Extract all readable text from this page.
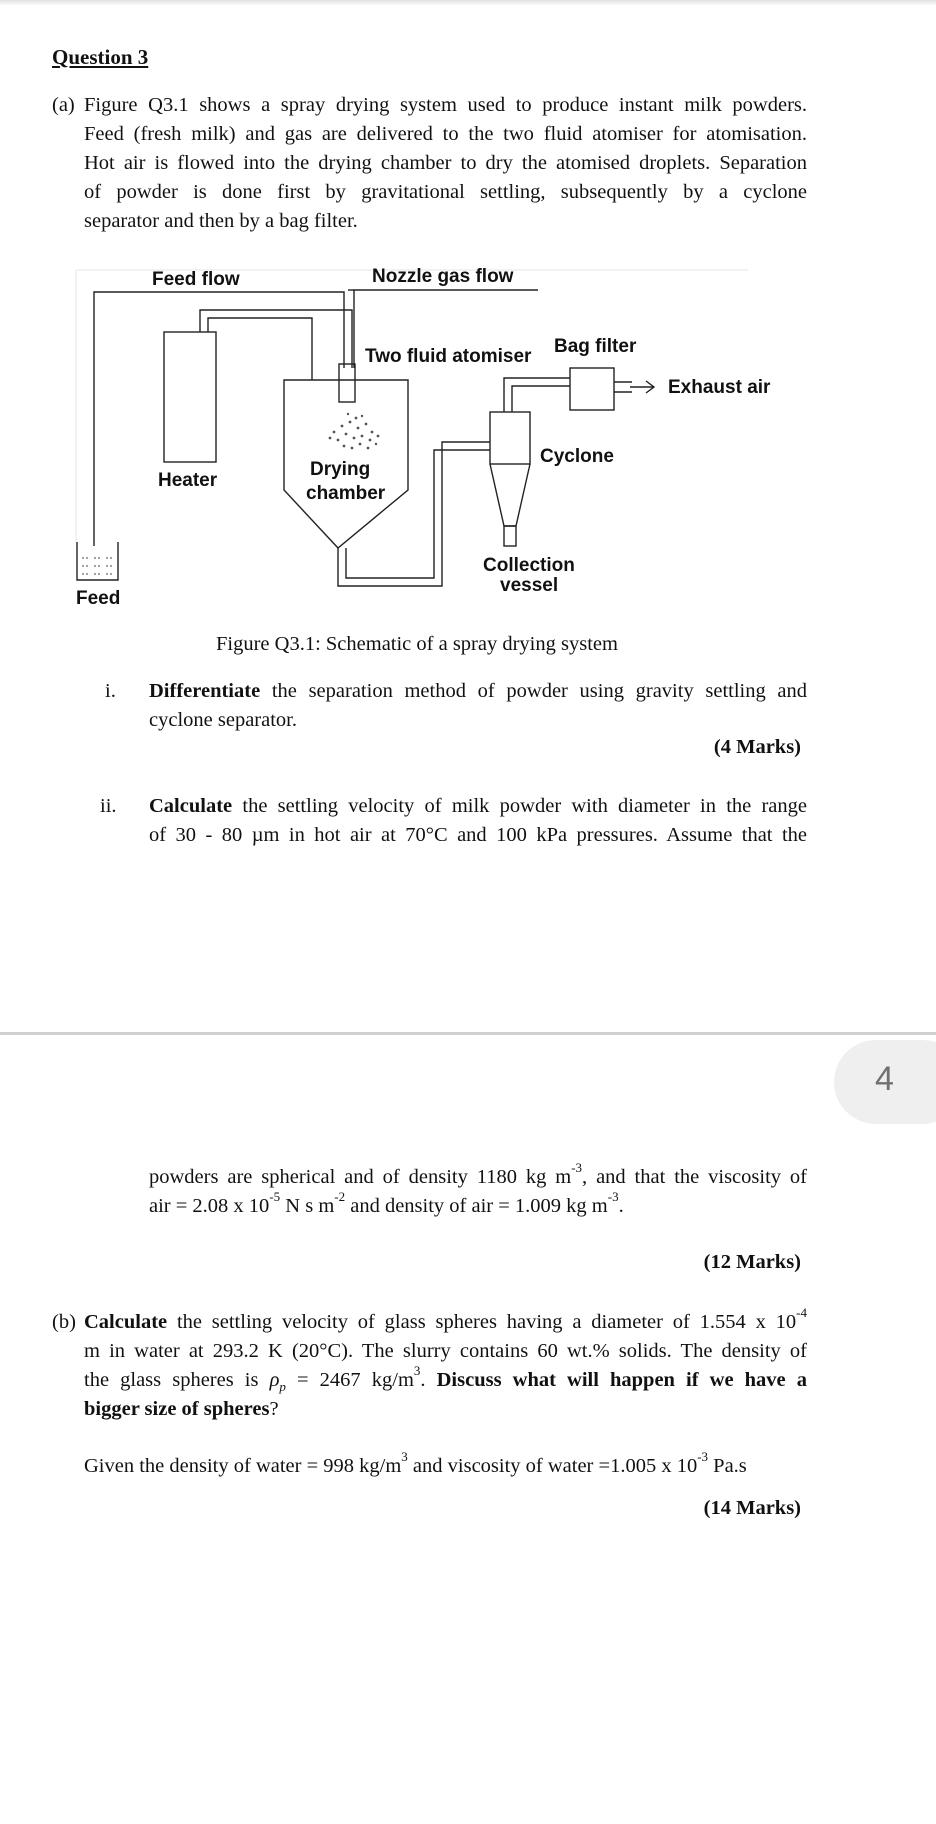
Question 3
(a) Figure Q3.1 shows a spray drying system used to produce instant milk powders.
Feed (fresh milk) and gas are delivered to the two fluid atomiser for atomisation.
Hot air is flowed into the drying chamber to dry the atomised droplets. Separation
of powder is done first by gravitational settling, subsequently by a cyclone
separator and then by a bag filter.
Feed flow	Nozzle gas flow
Two fluid atomiser Bag filter
Exhaust air
Cyclone
Heater
Drying
chamber
Collection
vessel
Feed
Figure Q3.1: Schematic of a spray drying system
i. Differentiate the separation method of powder using gravity settling and
cyclone separator.
(4 Marks)
ii. Calculate the settling velocity of milk powder with diameter in the range
of 30 - 80 µm in hot air at 70°C and 100 kPa pressures. Assume that the
4
powders are spherical and of density 1180 kg $m^{-3}$, and that the viscosity of
air = 2.08 x $10^{-5}$ N s $m^{-2}$ and density of air = 1.009 kg $m^{-3}$.
(12 Marks)
(b) Calculate the settling velocity of glass spheres having a diameter of 1.554 x $10^{-4}$
m in water at 293.2 K (20°C). The slurry contains 60 wt.% solids. The density of
the glass spheres is $\rho_p = 2467$ $kg/m^3$. Discuss what will happen if we have a
bigger size of spheres?
Given the density of water = 998 $kg/m^3$ and viscosity of water =1.005 x $10^{-3}$ Pa.s
(14 Marks)
